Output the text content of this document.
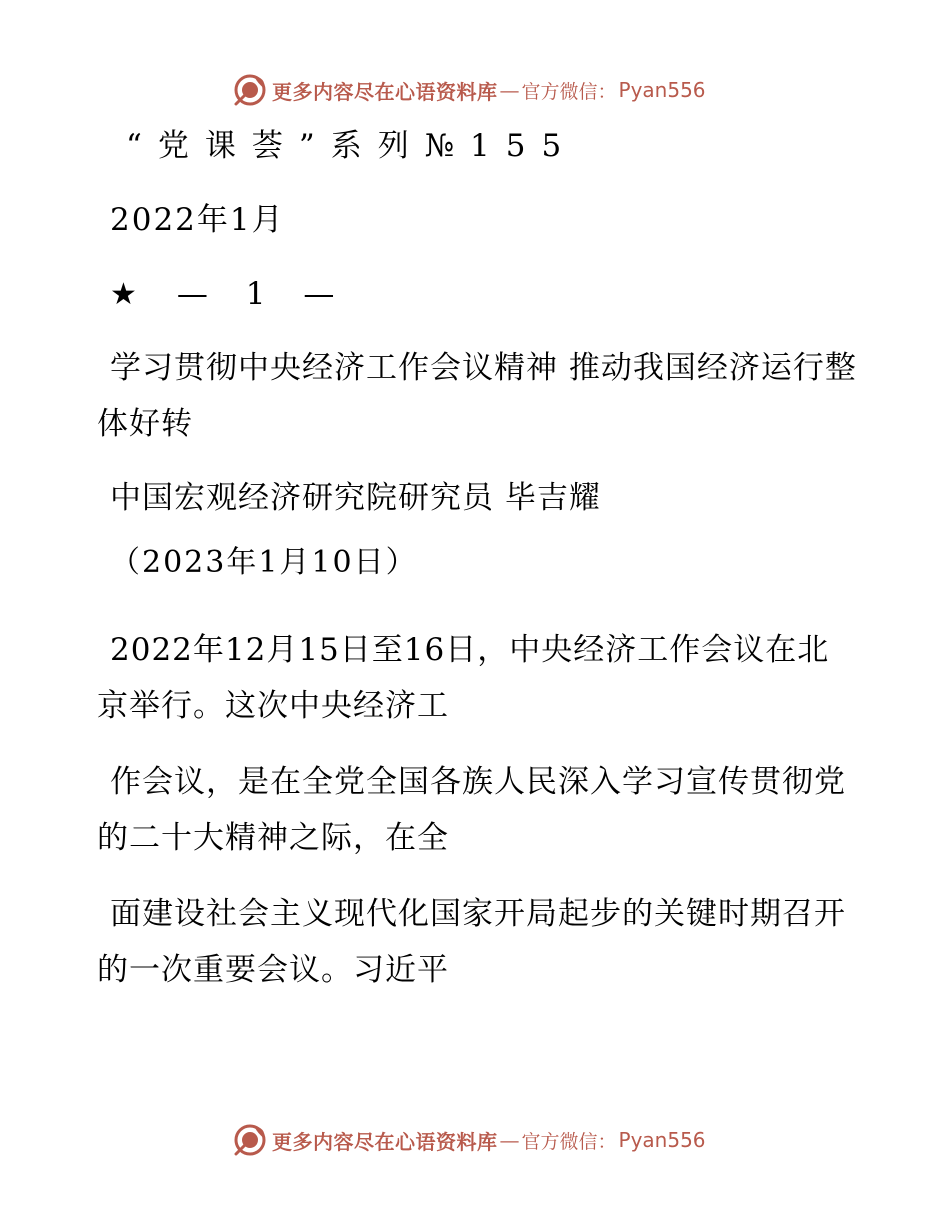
更多内容尽在心语资料库 — 官方微信： Pyan556
“党课荟”系列№155
2022年1月
★ — 1 —
学习贯彻中央经济工作会议精神 推动我国经济运行整体好转
中国宏观经济研究院研究员 毕吉耀
（2023年1月10日）
2022年12月15日至16日，中央经济工作会议在北京举行。这次中央经济工
作会议，是在全党全国各族人民深入学习宣传贯彻党的二十大精神之际，在全
面建设社会主义现代化国家开局起步的关键时期召开的一次重要会议。习近平
更多内容尽在心语资料库 — 官方微信： Pyan556
